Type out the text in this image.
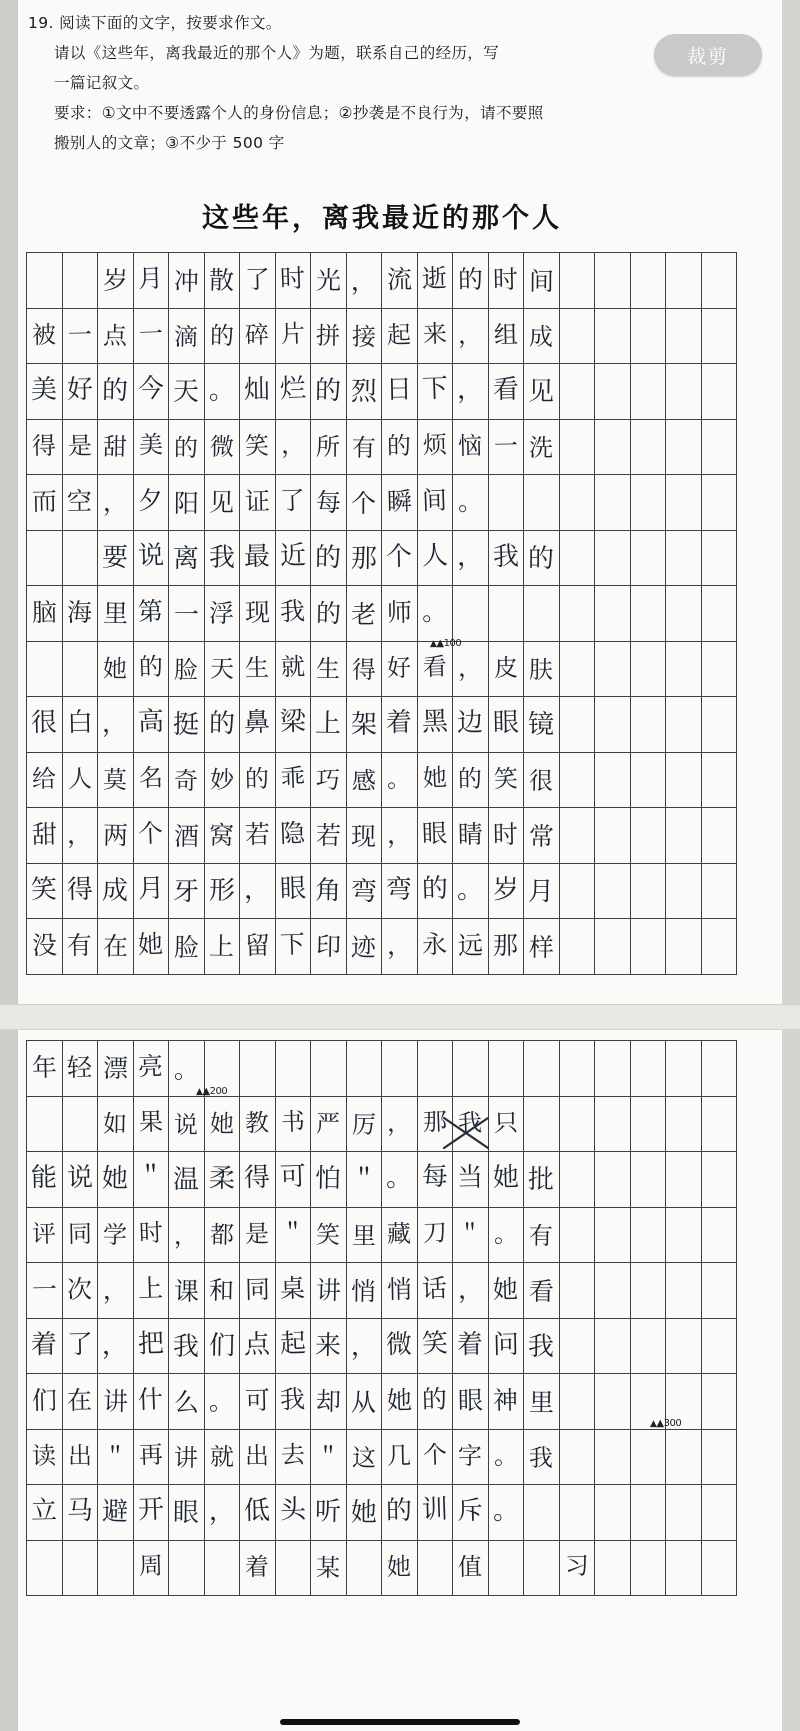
19. 阅读下面的文字，按要求作文。
请以《这些年，离我最近的那个人》为题，联系自己的经历，写
一篇记叙文。
要求：①文中不要透露个人的身份信息；②抄袭是不良行为，请不要照
搬别人的文章；③不少于 500 字
裁剪
这些年，离我最近的那个人
岁 月 冲 散 了 时 光 ， 流 逝 的 时 间
被 一 点 一 滴 的 碎 片 拼 接 起 来 ， 组 成
美 好 的 今 天 。 灿 烂 的 烈 日 下 ， 看 见
得 是 甜 美 的 微 笑 ， 所 有 的 烦 恼 一 洗
而 空 ， 夕 阳 见 证 了 每 个 瞬 间 。
要 说 离 我 最 近 的 那 个 人 ， 我 的
脑 海 里 第 一 浮 现 我 的 老 师 。
她 的 脸 天 生 就 生 得 好 看 ， 皮 肤
很 白 ， 高 挺 的 鼻 梁 上 架 着 黑 边 眼 镜
给 人 莫 名 奇 妙 的 乖 巧 感 。 她 的 笑 很
甜 ， 两 个 酒 窝 若 隐 若 现 ， 眼 睛 时 常
笑 得 成 月 牙 形 ， 眼 角 弯 弯 的 。 岁 月
没 有 在 她 脸 上 留 下 印 迹 ， 永 远 那 样
▲▲100
年 轻 漂 亮 。
如 果 说 她 教 书 严 厉 ， 那 我 只
能 说 她 ＂ 温 柔 得 可 怕 ＂ 。 每 当 她 批
评 同 学 时 ， 都 是 ＂ 笑 里 藏 刀 ＂ 。 有
一 次 ， 上 课 和 同 桌 讲 悄 悄 话 ， 她 看
着 了 ， 把 我 们 点 起 来 ， 微 笑 着 问 我
们 在 讲 什 么 。 可 我 却 从 她 的 眼 神 里
读 出 ＂ 再 讲 就 出 去 ＂ 这 几 个 字 。 我
立 马 避 开 眼 ， 低 头 听 她 的 训 斥 。
周	着 某 她 值	习
▲▲200
▲▲300
